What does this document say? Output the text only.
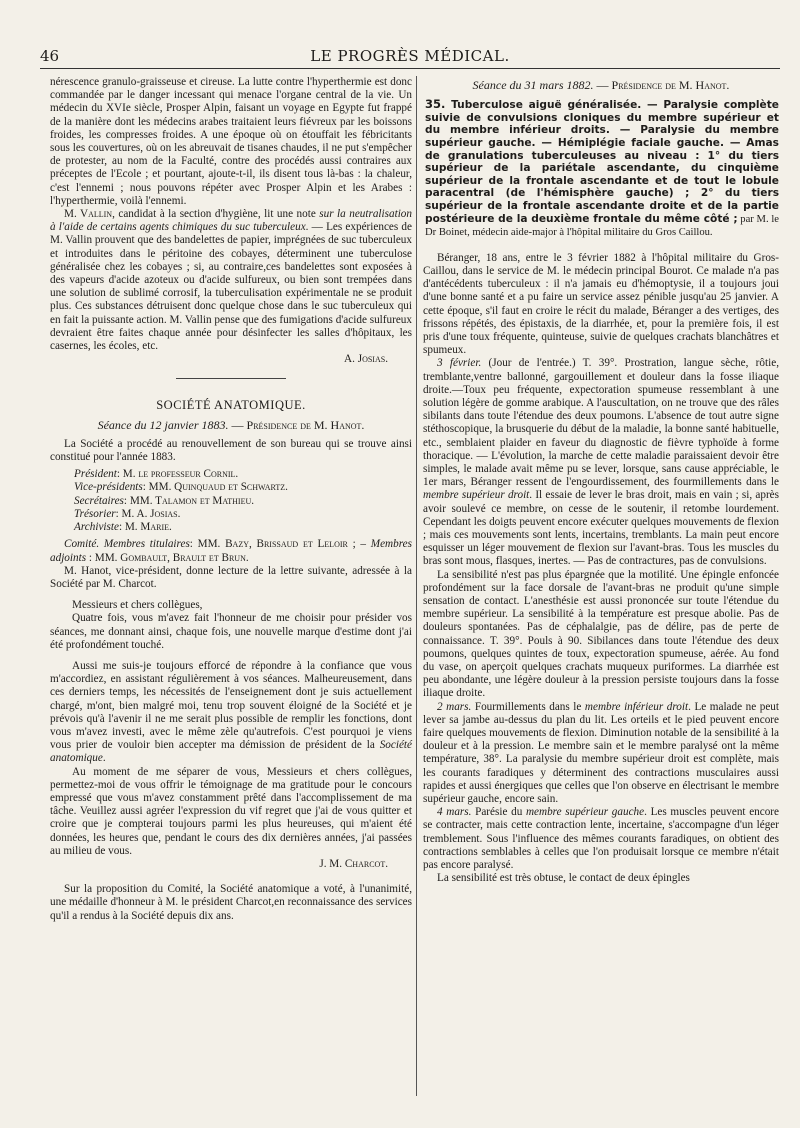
46	LE PROGRÈS MÉDICAL.

nérescence granulo-graisseuse et cireuse. La lutte contre l'hyperthermie est donc commandée par le danger incessant qui menace l'organe central de la vie. Un médecin du XVIe siècle, Prosper Alpin, faisant un voyage en Egypte fut frappé de la manière dont les médecins arabes traitaient leurs fiévreux par les boissons froides, les compresses froides. A une époque où on étouffait les fébricitants sous les couvertures, où on les abreuvait de tisanes chaudes, il ne put s'empêcher de protester, au nom de la Faculté, contre des procédés aussi contraires aux préceptes de l'Ecole ; et pourtant, ajoute-t-il, ils disent tous là-bas : la chaleur, c'est l'ennemi ; nous pouvons répéter avec Prosper Alpin et les Arabes : l'hyperthermie, voilà l'ennemi.

M. Vallin, candidat à la section d'hygiène, lit une note sur la neutralisation à l'aide de certains agents chimiques du suc tuberculeux. — Les expériences de M. Vallin prouvent que des bandelettes de papier, imprégnées de suc tuberculeux et introduites dans le péritoine des cobayes, déterminent une tuberculose généralisée chez les cobayes ; si, au contraire,ces bandelettes sont exposées à des vapeurs d'acide azoteux ou d'acide sulfureux, ou bien sont trempées dans une solution de sublimé corrosif, la tuberculisation expérimentale ne se produit plus. Ces substances détruisent donc quelque chose dans le suc tuberculeux qui en fait la puissante action. M. Vallin pense que des fumigations d'acide sulfureux devraient être faites chaque année pour désinfecter les salles d'hôpitaux, les casernes, les écoles, etc.

A. Josias.

SOCIÉTÉ ANATOMIQUE.

Séance du 12 janvier 1883. — Présidence de M. Hanot.

La Société a procédé au renouvellement de son bureau qui se trouve ainsi constitué pour l'année 1883.

Président: M. le professeur Cornil.
Vice-présidents: MM. Quinquaud et Schwartz.
Secrétaires: MM. Talamon et Mathieu.
Trésorier: M. A. Josias.
Archiviste: M. Marie.

Comité. Membres titulaires: MM. Bazy, Brissaud et Leloir ; – Membres adjoints : MM. Gombault, Brault et Brun.

M. Hanot, vice-président, donne lecture de la lettre suivante, adressée à la Société par M. Charcot.

Messieurs et chers collègues,

Quatre fois, vous m'avez fait l'honneur de me choisir pour présider vos séances, me donnant ainsi, chaque fois, une nouvelle marque d'estime dont j'ai été profondément touché.

Aussi me suis-je toujours efforcé de répondre à la confiance que vous m'accordiez, en assistant régulièrement à vos séances. Malheureusement, dans ces derniers temps, les nécessités de l'enseignement dont je suis actuellement chargé, m'ont, bien malgré moi, tenu trop souvent éloigné de la Société et je prévois qu'à l'avenir il ne me serait plus possible de remplir les fonctions, dont vous m'avez investi, avec le même zèle qu'autrefois. C'est pourquoi je viens vous prier de vouloir bien accepter ma démission de président de la Société anatomique.

Au moment de me séparer de vous, Messieurs et chers collègues, permettez-moi de vous offrir le témoignage de ma gratitude pour le concours empressé que vous m'avez constamment prêté dans l'accomplissement de ma tâche. Veuillez aussi agréer l'expression du vif regret que j'ai de vous quitter et croire que je compterai toujours parmi les plus heureuses, qui m'aient été données, les heures que, pendant le cours des dix dernières années, j'ai passées au milieu de vous.

J. M. Charcot.

Sur la proposition du Comité, la Société anatomique a voté, à l'unanimité, une médaille d'honneur à M. le président Charcot,en reconnaissance des services qu'il a rendus à la Société depuis dix ans.

Séance du 31 mars 1882. — Présidence de M. Hanot.

35. Tuberculose aiguë généralisée. — Paralysie complète suivie de convulsions cloniques du membre supérieur et du membre inférieur droits. — Paralysie du membre supérieur gauche. — Hémiplégie faciale gauche. — Amas de granulations tuberculeuses au niveau : 1° du tiers supérieur de la pariétale ascendante, du cinquième supérieur de la frontale ascendante et de tout le lobule paracentral (de l'hémisphère gauche) ; 2° du tiers supérieur de la frontale ascendante droite et de la partie postérieure de la deuxième frontale du même côté ; par M. le Dr Boinet, médecin aide-major à l'hôpital militaire du Gros Caillou.

Béranger, 18 ans, entre le 3 février 1882 à l'hôpital militaire du Gros-Caillou, dans le service de M. le médecin principal Bourot. Ce malade n'a pas d'antécédents tuberculeux : il n'a jamais eu d'hémoptysie, il a toujours joui d'une bonne santé et a pu faire un service assez pénible jusqu'au 25 janvier. A cette époque, s'il faut en croire le récit du malade, Béranger a des vertiges, des frissons répétés, des épistaxis, de la diarrhée, et, pour la première fois, il est pris d'une toux fréquente, quinteuse, suivie de quelques crachats blanchâtres et spumeux.

3 février. (Jour de l'entrée.) T. 39°. Prostration, langue sèche, rôtie, tremblante,ventre ballonné, gargouillement et douleur dans la fosse iliaque droite.—Toux peu fréquente, expectoration spumeuse ressemblant à une solution légère de gomme arabique. A l'auscultation, on ne trouve que des râles sibilants dans toute l'étendue des deux poumons. L'absence de tout autre signe stéthoscopique, la brusquerie du début de la maladie, la bonne santé habituelle, etc., semblaient plaider en faveur du diagnostic de fièvre typhoïde à forme thoracique. — L'évolution, la marche de cette maladie paraissaient devoir être simples, le malade avait même pu se lever, lorsque, sans cause appréciable, le 1er mars, Béranger ressent de l'engourdissement, des fourmillements dans le membre supérieur droit. Il essaie de lever le bras droit, mais en vain ; si, après avoir soulevé ce membre, on cesse de le soutenir, il retombe lourdement. Cependant les doigts peuvent encore exécuter quelques mouvements de flexion ; mais ces mouvements sont lents, incertains, tremblants. La main peut encore esquisser un léger mouvement de flexion sur l'avant-bras. Tous les muscles du bras sont mous, flasques, inertes. — Pas de contractures, pas de convulsions.

La sensibilité n'est pas plus épargnée que la motilité. Une épingle enfoncée profondément sur la face dorsale de l'avant-bras ne produit qu'une simple sensation de contact. L'anesthésie est aussi prononcée sur toute l'étendue du membre supérieur. La sensibilité à la température est presque abolie. Pas de douleurs spontanées. Pas de céphalalgie, pas de délire, pas de perte de connaissance. T. 39°. Pouls à 90. Sibilances dans toute l'étendue des deux poumons, quelques quintes de toux, expectoration spumeuse, aérée. Au fond du vase, on aperçoit quelques crachats muqueux puriformes. La diarrhée est peu abondante, une légère douleur à la pression persiste toujours dans la fosse iliaque droite.

2 mars. Fourmillements dans le membre inférieur droit. Le malade ne peut lever sa jambe au-dessus du plan du lit. Les orteils et le pied peuvent encore faire quelques mouvements de flexion. Diminution notable de la sensibilité à la douleur et à la pression. Le membre sain et le membre paralysé ont la même température, 38°. La paralysie du membre supérieur droit est complète, mais les courants faradiques y déterminent des contractions musculaires aussi rapides et aussi énergiques que celles que l'on observe en électrisant le membre supérieur gauche, encore sain.

4 mars. Parésie du membre supérieur gauche. Les muscles peuvent encore se contracter, mais cette contraction lente, incertaine, s'accompagne d'un léger tremblement. Sous l'influence des mêmes courants faradiques, on obtient des contractions semblables à celles que l'on produisait lorsque ce membre n'était pas encore paralysé.

La sensibilité est très obtuse, le contact de deux épingles
